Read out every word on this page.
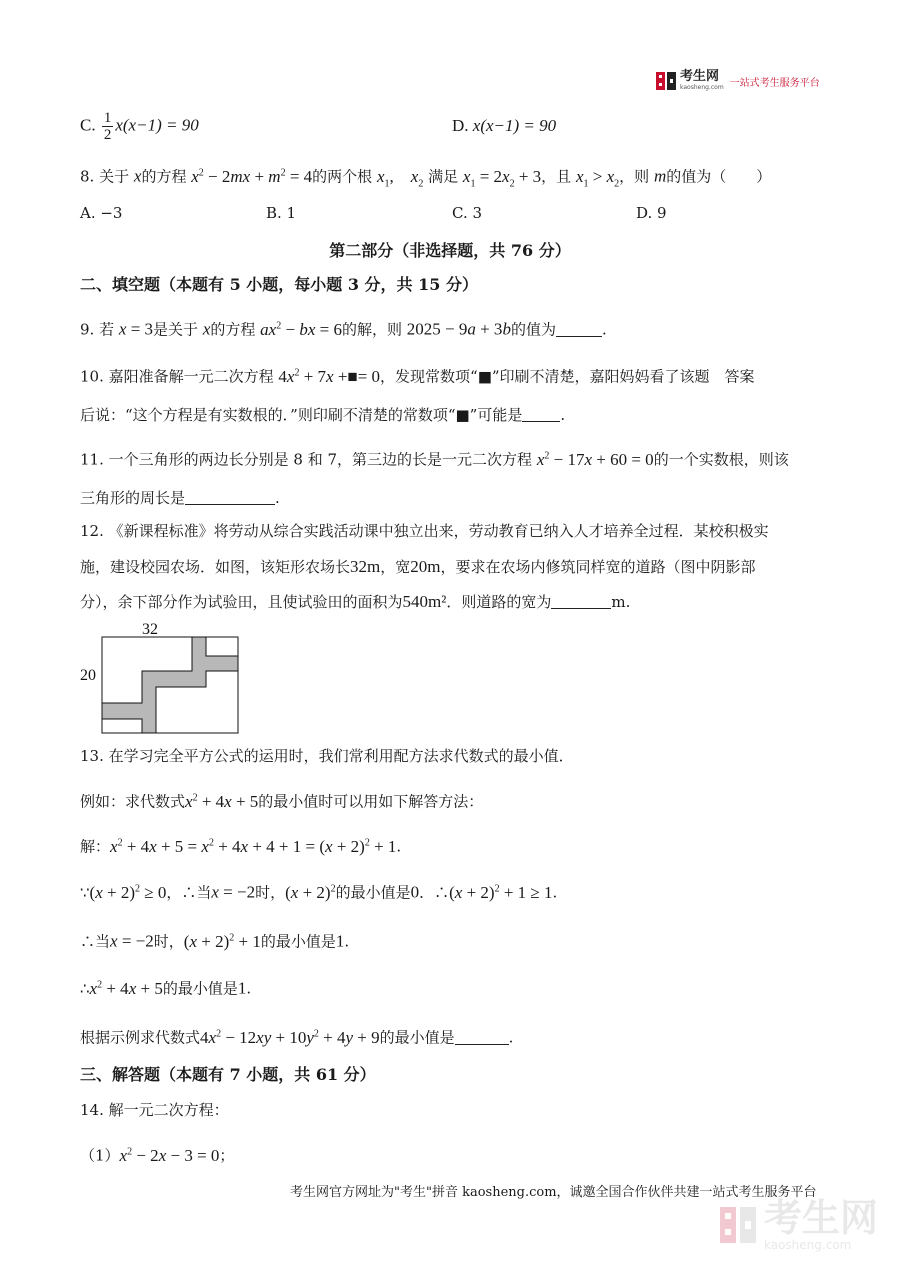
考生网
kaosheng.com 一站式考生服务平台
C. $\frac{1}{2} x(x-1) = 90$	D. x(x−1) = 90
8. 关于 x的方程 $x^2 - 2mx + m^2 = 4$的两个根 $x_1$,　$x_2$ 满足 $x_1 = 2x_2 + 3$，且 $x_1 > x_2$，则 m的值为（　　）
A. −3	B. 1	C. 3	D. 9
第二部分（非选择题，共 76 分）
二、填空题（本题有 5 小题，每小题 3 分，共 15 分）
9. 若 x = 3是关于 x的方程 $ax^2$ − bx = 6的解，则 2025 − 9a + 3b的值为	.
10. 嘉阳准备解一元二次方程 $4x^2 + 7x$ +■= 0，发现常数项“■”印刷不清楚，嘉阳妈妈看了该题　答案
后说：“这个方程是有实数根的．”则印刷不清楚的常数项“■”可能是	.
11. 一个三角形的两边长分别是 8 和 7，第三边的长是一元二次方程 $x^2 - 17x + 60 = 0$的一个实数根，则该
三角形的周长是	.
12. 《新课程标准》将劳动从综合实践活动课中独立出来，劳动教育已纳入人才培养全过程．某校积极实
施，建设校园农场．如图，该矩形农场长32m，宽20m，要求在农场内修筑同样宽的道路（图中阴影部
分），余下部分作为试验田，且使试验田的面积为540m²．则道路的宽为	m.
32
20
13. 在学习完全平方公式的运用时，我们常利用配方法求代数式的最小值．
例如：求代数式$x^2 + 4x + 5$的最小值时可以用如下解答方法：
解：$x^2 + 4x + 5 = x^2 + 4x + 4 + 1 = (x + 2)^2 + 1$.
∵(x + 2)$^2$ ≥ 0，∴当x = −2时，$(x + 2)^2$的最小值是0．∴(x + 2)$^2$ + 1 ≥ 1.
∴当x = −2时，$(x + 2)^2 + 1$的最小值是1.
$\therefore x^2 + 4x + 5$的最小值是1.
根据示例求代数式$4x^2 - 12xy + 10y^2 + 4y + 9$的最小值是	.
三、解答题（本题有 7 小题，共 61 分）
14. 解一元二次方程：
$(1)x^2 - 2x - 3 = 0$；
考生网官方网址为"考生"拼音 kaosheng.com，诚邀全国合作伙伴共建一站式考生服务平台
考生网
kaosheng.com
